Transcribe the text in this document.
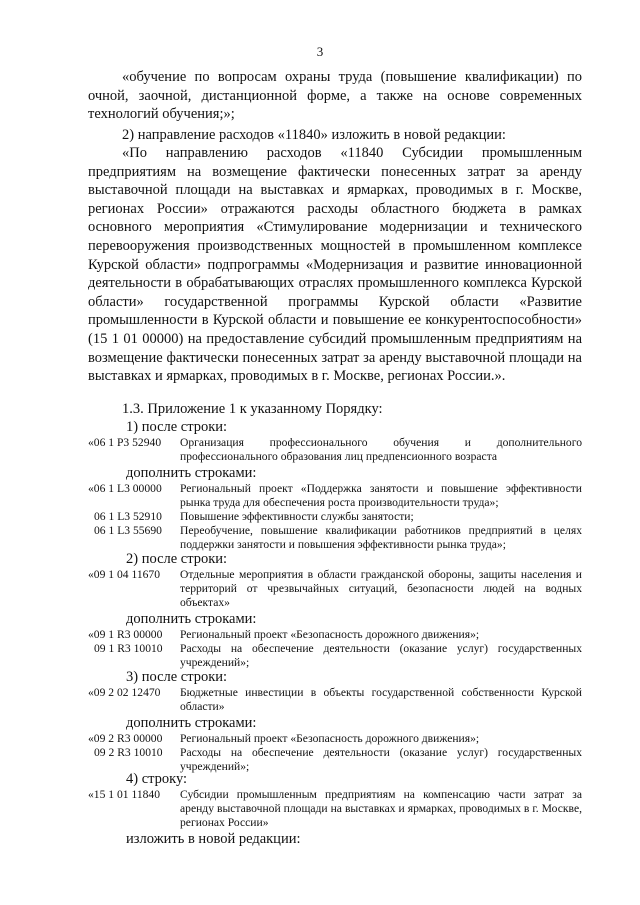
3
«обучение по вопросам охраны труда (повышение квалификации) по очной, заочной, дистанционной форме, а также на основе современных технологий обучения;»;
2) направление расходов «11840» изложить в новой редакции:
«По направлению расходов «11840 Субсидии промышленным предприятиям на возмещение фактически понесенных затрат за аренду выставочной площади на выставках и ярмарках, проводимых в г. Москве, регионах России» отражаются расходы областного бюджета в рамках основного мероприятия «Стимулирование модернизации и технического перевооружения производственных мощностей в промышленном комплексе Курской области» подпрограммы «Модернизация и развитие инновационной деятельности в обрабатывающих отраслях промышленного комплекса Курской области» государственной программы Курской области «Развитие промышленности в Курской области и повышение ее конкурентоспособности» (15 1 01 00000) на предоставление субсидий промышленным предприятиям на возмещение фактически понесенных затрат за аренду выставочной площади на выставках и ярмарках, проводимых в г. Москве, регионах России.».
1.3. Приложение 1 к указанному Порядку:
1) после строки:
«06 1 P3 52940	Организация профессионального обучения и дополнительного профессионального образования лиц предпенсионного возраста
дополнить строками:
«06 1 L3 00000	Региональный проект «Поддержка занятости и повышение эффективности рынка труда для обеспечения роста производительности труда»;
06 1 L3 52910	Повышение эффективности службы занятости;
06 1 L3 55690	Переобучение, повышение квалификации работников предприятий в целях поддержки занятости и повышения эффективности рынка труда»;
2) после строки:
«09 1 04 11670	Отдельные мероприятия в области гражданской обороны, защиты населения и территорий от чрезвычайных ситуаций, безопасности людей на водных объектах»
дополнить строками:
«09 1 R3 00000	Региональный проект «Безопасность дорожного движения»;
09 1 R3 10010	Расходы на обеспечение деятельности (оказание услуг) государственных учреждений»;
3) после строки:
«09 2 02 12470	Бюджетные инвестиции в объекты государственной собственности Курской области»
дополнить строками:
«09 2 R3 00000	Региональный проект «Безопасность дорожного движения»;
09 2 R3 10010	Расходы на обеспечение деятельности (оказание услуг) государственных учреждений»;
4) строку:
«15 1 01 11840	Субсидии промышленным предприятиям на компенсацию части затрат за аренду выставочной площади на выставках и ярмарках, проводимых в г. Москве, регионах России»
изложить в новой редакции:
